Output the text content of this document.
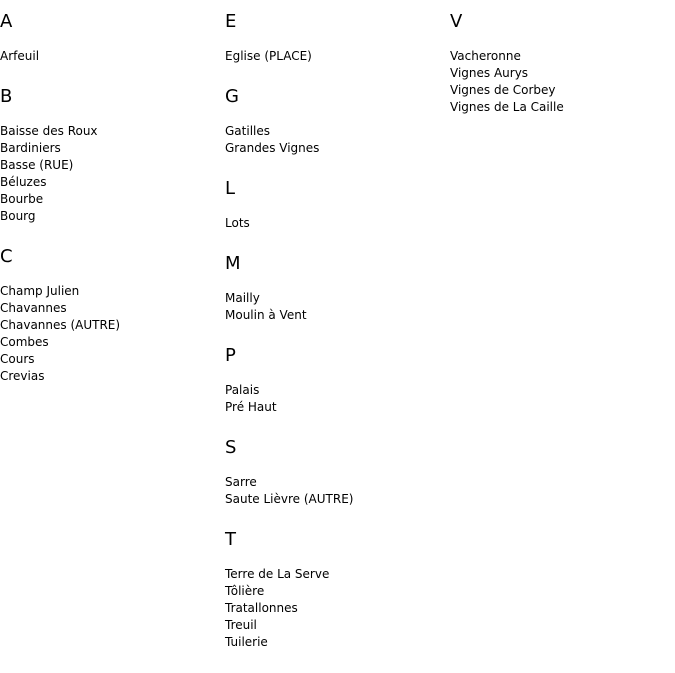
A
Arfeuil
B
Baisse des Roux
Bardiniers
Basse (RUE)
Béluzes
Bourbe
Bourg
C
Champ Julien
Chavannes
Chavannes (AUTRE)
Combes
Cours
Crevias
E
Eglise (PLACE)
G
Gatilles
Grandes Vignes
L
Lots
M
Mailly
Moulin à Vent
P
Palais
Pré Haut
S
Sarre
Saute Lièvre (AUTRE)
T
Terre de La Serve
Tôlière
Tratallonnes
Treuil
Tuilerie
V
Vacheronne
Vignes Aurys
Vignes de Corbey
Vignes de La Caille
